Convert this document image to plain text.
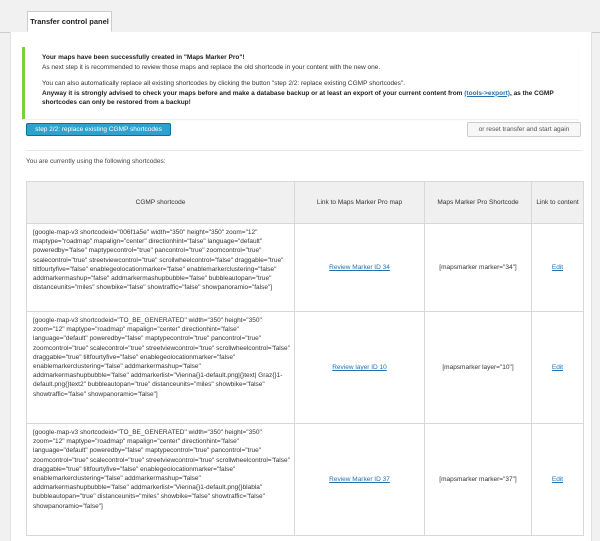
Transfer control panel

Your maps have been successfully created in "Maps Marker Pro"!

As next step it is recommended to review those maps and replace the old shortcode in your content with the new one.

You can also automatically replace all existing shortcodes by clicking the button "step 2/2: replace existing CGMP shortcodes".

Anyway it is strongly advised to check your maps before and make a database backup or at least an export of your current content from (tools->export), as the CGMP shortcodes can only be restored from a backup!

step 2/2: replace existing CGMP shortcodes	or reset transfer and start again
You are currently using the following shortcodes:
CGMP shortcode	Link to Maps Marker Pro map	Maps Marker Pro Shortcode	Link to content

[google-map-v3 shortcodeid="006f1a5e" width="350" height="350" zoom="12" maptype="roadmap" mapalign="center" directionhint="false" language="default" poweredby="false" maptypecontrol="true" pancontrol="true" zoomcontrol="true" scalecontrol="true" streetviewcontrol="true" scrollwheelcontrol="false" draggable="true" tiltfourtyfive="false" enablegeolocationmarker="false" enablemarkerclustering="false" addmarkermashup="false" addmarkermashupbubble="false" bubbleautopan="true" distanceunits="miles" showbike="false" showtraffic="false" showpanoramio="false"]	Review Marker ID 34	[mapsmarker marker="34"]	Edit

[google-map-v3 shortcodeid="TO_BE_GENERATED" width="350" height="350" zoom="12" maptype="roadmap" mapalign="center" directionhint="false" language="default" poweredby="false" maptypecontrol="true" pancontrol="true" zoomcontrol="true" scalecontrol="true" streetviewcontrol="true" scrollwheelcontrol="false" draggable="true" tiltfourtyfive="false" enablegeolocationmarker="false" enablemarkerclustering="false" addmarkermashup="false" addmarkermashupbubble="false" addmarkerlist="Vienna{}1-default.png|{}text| Graz{}1-default.png{}text2" bubbleautopan="true" distanceunits="miles" showbike="false" showtraffic="false" showpanoramio="false"]	Review layer ID 10	[mapsmarker layer="10"]	Edit

[google-map-v3 shortcodeid="TO_BE_GENERATED" width="350" height="350" zoom="12" maptype="roadmap" mapalign="center" directionhint="false" language="default" poweredby="false" maptypecontrol="true" pancontrol="true" zoomcontrol="true" scalecontrol="true" streetviewcontrol="true" scrollwheelcontrol="false" draggable="true" tiltfourtyfive="false" enablegeolocationmarker="false" enablemarkerclustering="false" addmarkermashup="false" addmarkermashupbubble="false" addmarkerlist="Vienna{}1-default.png{}blabla" bubbleautopan="true" distanceunits="miles" showbike="false" showtraffic="false" showpanoramio="false"]	Review Marker ID 37	[mapsmarker marker="37"]	Edit
